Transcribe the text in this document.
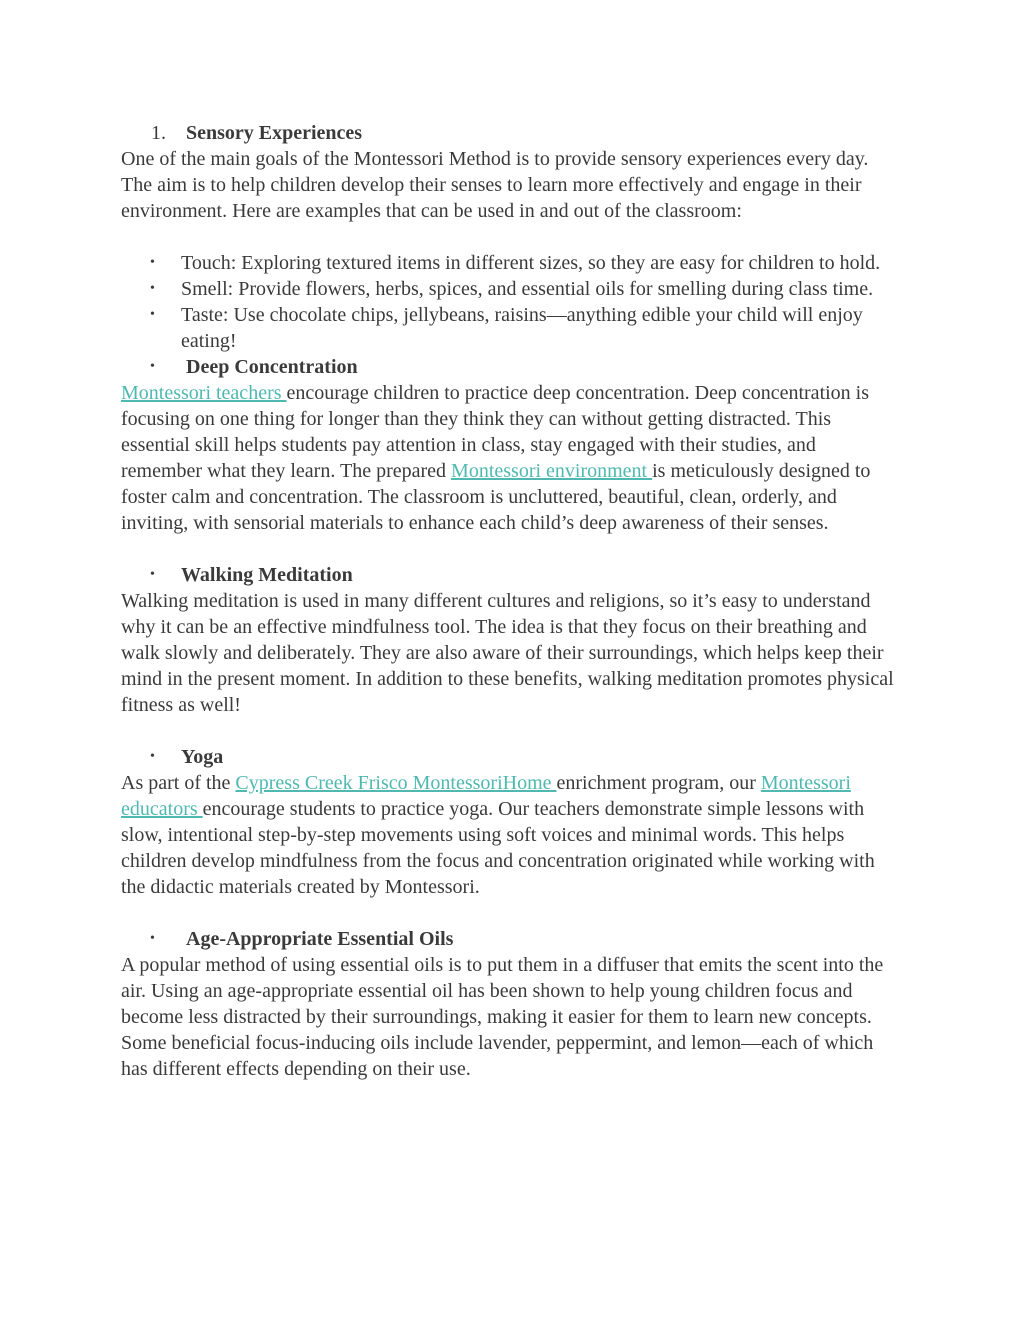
1. Sensory Experiences

One of the main goals of the Montessori Method is to provide sensory experiences every day. The aim is to help children develop their senses to learn more effectively and engage in their environment. Here are examples that can be used in and out of the classroom:

• Touch: Exploring textured items in different sizes, so they are easy for children to hold.
• Smell: Provide flowers, herbs, spices, and essential oils for smelling during class time.
• Taste: Use chocolate chips, jellybeans, raisins—anything edible your child will enjoy eating!
• Deep Concentration

Montessori teachers encourage children to practice deep concentration. Deep concentration is focusing on one thing for longer than they think they can without getting distracted. This essential skill helps students pay attention in class, stay engaged with their studies, and remember what they learn. The prepared Montessori environment is meticulously designed to foster calm and concentration. The classroom is uncluttered, beautiful, clean, orderly, and inviting, with sensorial materials to enhance each child’s deep awareness of their senses.

• Walking Meditation

Walking meditation is used in many different cultures and religions, so it’s easy to understand why it can be an effective mindfulness tool. The idea is that they focus on their breathing and walk slowly and deliberately. They are also aware of their surroundings, which helps keep their mind in the present moment. In addition to these benefits, walking meditation promotes physical fitness as well!

• Yoga

As part of the Cypress Creek Frisco MontessoriHome enrichment program, our Montessori educators encourage students to practice yoga. Our teachers demonstrate simple lessons with slow, intentional step-by-step movements using soft voices and minimal words. This helps children develop mindfulness from the focus and concentration originated while working with the didactic materials created by Montessori.

• Age-Appropriate Essential Oils

A popular method of using essential oils is to put them in a diffuser that emits the scent into the air. Using an age-appropriate essential oil has been shown to help young children focus and become less distracted by their surroundings, making it easier for them to learn new concepts. Some beneficial focus-inducing oils include lavender, peppermint, and lemon—each of which has different effects depending on their use.
